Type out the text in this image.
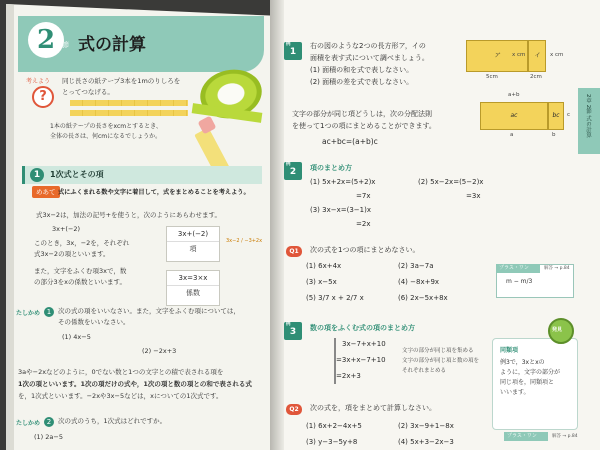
2 節 式の計算
考えよう
?
同じ長さの紙テープ3本を1mのりしろを
とってつなげる。
1本の紙テープの長さをxcmとするとき、
全体の長さは、何cmになるでしょうか。
1	1次式とその項
めあて 式にふくまれる数や文字に着目して，式をまとめることを考えよう。
式3x−2は，加法の記号+を使うと，次のようにあらわせます。
3x+(−2)
このとき，3x，−2を，それぞれ
式3x−2の項といいます。
3x+(−2)
項
3x−2 / −3+2x
また，文字をふくむ項3xで，数
の部分3をxの係数といいます。	3x=3×x
係数
たしかめ 1	次の式の項をいいなさい。また，文字をふくむ項については，
その係数をいいなさい。
(1) 4x−5
(2) −2x+3
3aや−2xなどのように，0でない数と1つの文字との積で表される項を
1次の項といいます。1次の項だけの式や，1次の項と数の項との和で表される式
を，1次式といいます。−2xや3x−5などは，xについての1次式です。
たしかめ 2	次の式のうち，1次式はどれですか。
(1) 2a−5
例
1
右の図のような2つの長方形ア，イの
面積を表す式について調べましょう。
(1) 面積の和を式で表しなさい。
(2) 面積の差を式で表しなさい。
ア	イ
x cm	x cm
5cm	2cm
文字の部分が同じ項どうしは，次の分配法則
を使って1つの項にまとめることができます。
ac+bc=(a+b)c
ac	bc
a+b
c
a	b	2章 2節 式の計算
例
2	項のまとめ方
(1) 5x+2x=(5+2)x
=7x
(2) 5x−2x=(5−2)x
=3x
(3) 3x−x=(3−1)x
=2x
Q1	次の式を1つの項にまとめなさい。
(1) 6x+4x	(2) 3a−7a
(3) x−5x	(4) −8x+9x
(5) 3/7 x + 2/7 x	(6) 2x−5x+8x
プラス・ワン	解答 → p.84
m − m/3
例
3	数の項をふくむ式の項のまとめ方
3x−7+x+10
=3x+x−7+10
=2x+3
文字の部分が同じ項を集める
文字の部分が同じ項と数の項を
それぞれまとめる
同類項
例3で，3xとxの
ように，文字の部分が
同じ項を，同類項と
いいます。
発見
Q2	次の式を，項をまとめて計算しなさい。
(1) 6x+2−4x+5	(2) 3x−9+1−8x
(3) y−3−5y+8	(4) 5x+3−2x−3
プラス・ワン	解答 → p.84
